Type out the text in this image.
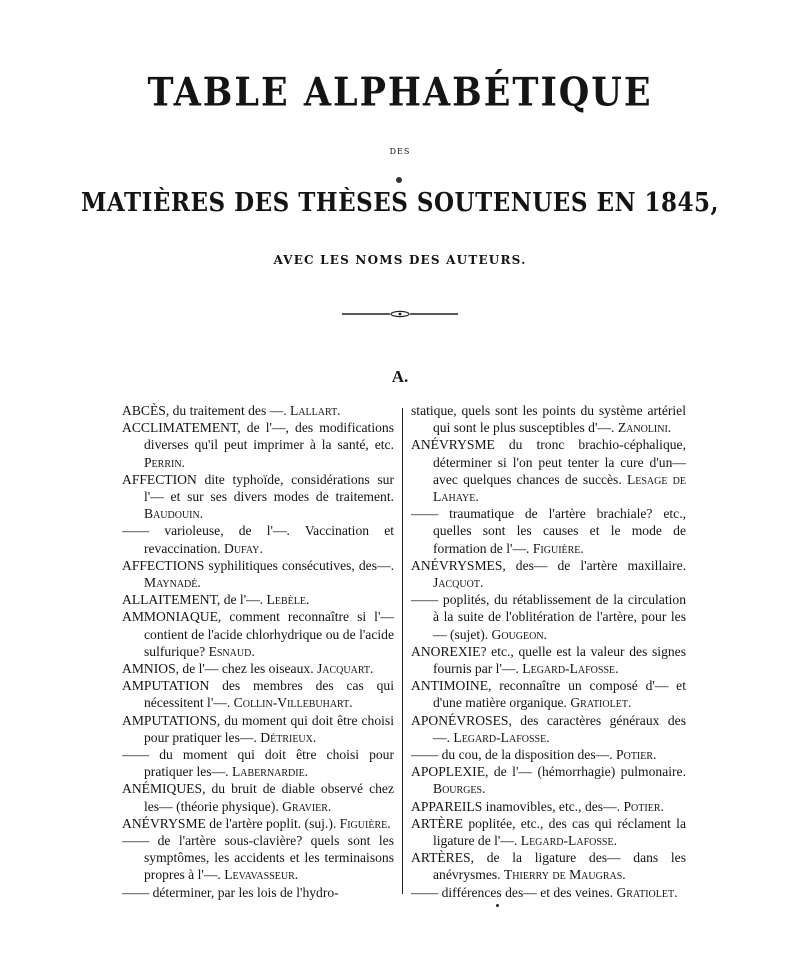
TABLE ALPHABÉTIQUE
DES
MATIÈRES DES THÈSES SOUTENUES EN 1845,
AVEC LES NOMS DES AUTEURS.
A.
ABCÈS, du traitement des —. Lallart.
ACCLIMATEMENT, de l'—, des modifications diverses qu'il peut imprimer à la santé, etc. Perrin.
AFFECTION dite typhoïde, considérations sur l'— et sur ses divers modes de traitement. Baudouin.
—— varioleuse, de l'—. Vaccination et revaccination. Dufay.
AFFECTIONS syphilitiques consécutives, des—. Maynadé.
ALLAITEMENT, de l'—. Lebèle.
AMMONIAQUE, comment reconnaître si l'— contient de l'acide chlorhydrique ou de l'acide sulfurique? Esnaud.
AMNIOS, de l'— chez les oiseaux. Jacquart.
AMPUTATION des membres des cas qui nécessitent l'—. Collin-Villebuhart.
AMPUTATIONS, du moment qui doit être choisi pour pratiquer les—. Détrieux.
—— du moment qui doit être choisi pour pratiquer les—. Labernardie.
ANÉMIQUES, du bruit de diable observé chez les— (théorie physique). Gravier.
ANÉVRYSME de l'artère poplit. (suj.). Figuière.
—— de l'artère sous-clavière? quels sont les symptômes, les accidents et les terminaisons propres à l'—. Levavasseur.
—— déterminer, par les lois de l'hydro-
statique, quels sont les points du système artériel qui sont le plus susceptibles d'—. Zanolini.
ANÉVRYSME du tronc brachio-céphalique, déterminer si l'on peut tenter la cure d'un— avec quelques chances de succès. Lesage de Lahaye.
—— traumatique de l'artère brachiale? etc., quelles sont les causes et le mode de formation de l'—. Figuière.
ANÉVRYSMES, des— de l'artère maxillaire. Jacquot.
—— poplités, du rétablissement de la circulation à la suite de l'oblitération de l'artère, pour les— (sujet). Gougeon.
ANOREXIE? etc., quelle est la valeur des signes fournis par l'—. Legard-Lafosse.
ANTIMOINE, reconnaître un composé d'— et d'une matière organique. Gratiolet.
APONÉVROSES, des caractères généraux des —. Legard-Lafosse.
—— du cou, de la disposition des—. Potier.
APOPLEXIE, de l'— (hémorrhagie) pulmonaire. Bourges.
APPAREILS inamovibles, etc., des—. Potier.
ARTÈRE poplitée, etc., des cas qui réclament la ligature de l'—. Legard-Lafosse.
ARTÈRES, de la ligature des— dans les anévrysmes. Thierry de Maugras.
—— différences des— et des veines. Gratiolet.
